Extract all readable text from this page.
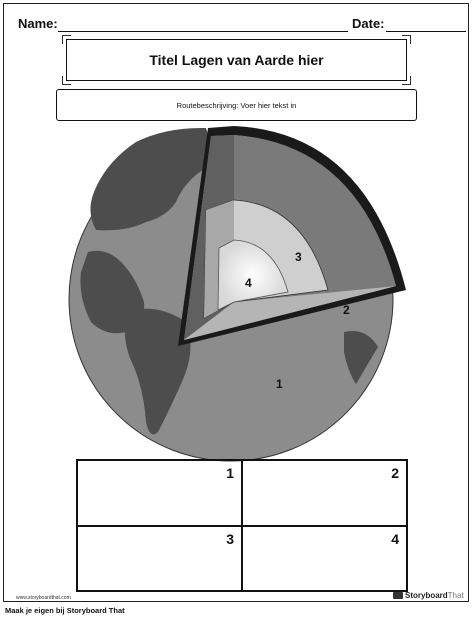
Name:	Date:
Titel Lagen van Aarde hier
Routebeschrijving: Voer hier tekst in
1
2
3
4
1	2
3	4
www.storyboardthat.com	Storyboard That
Maak je eigen bij Storyboard That
